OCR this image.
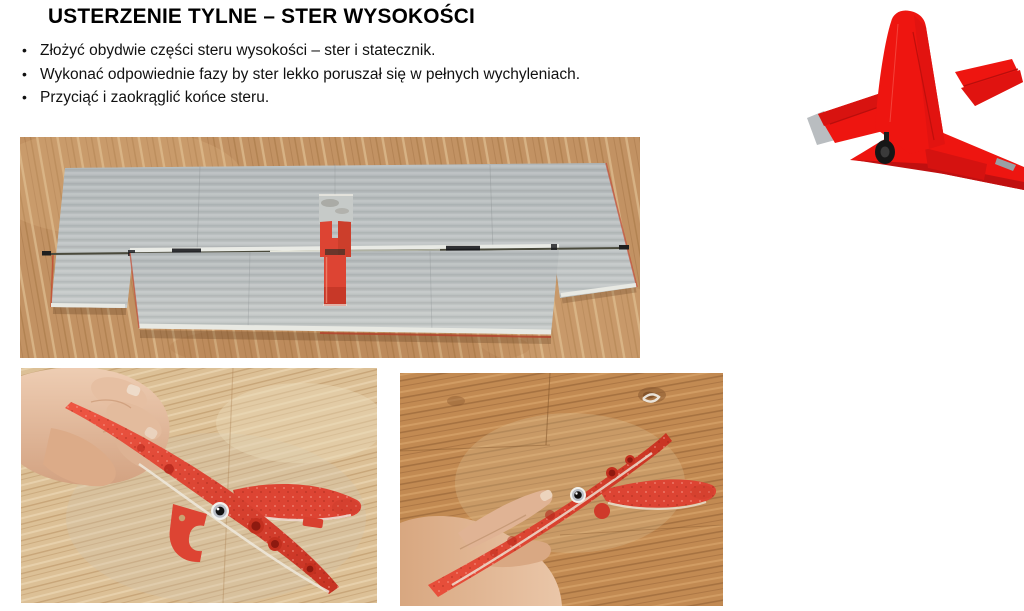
USTERZENIE TYLNE – STER WYSOKOŚCI
• Złożyć obydwie części steru wysokości – ster i statecznik.
• Wykonać odpowiednie fazy by ster lekko poruszał się w pełnych wychyleniach.
• Przyciąć i zaokrąglić końce steru.
